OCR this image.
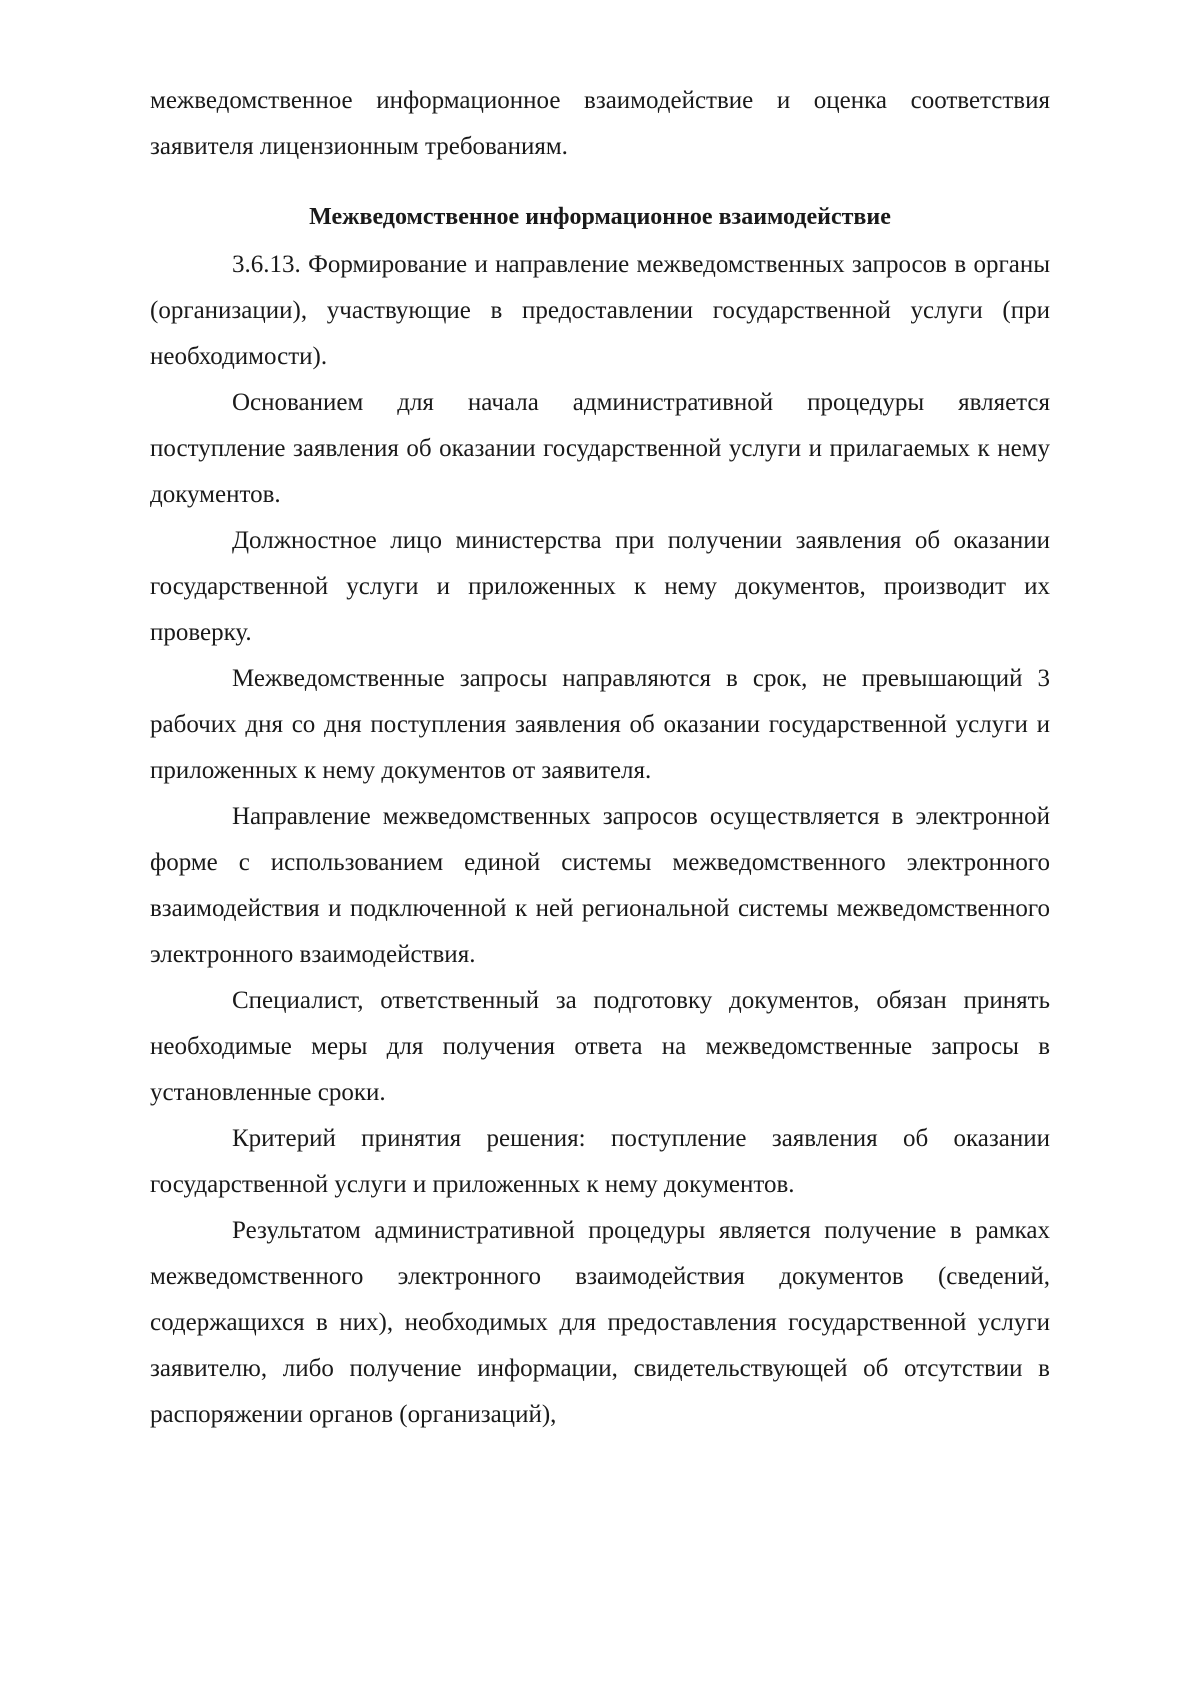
межведомственное информационное взаимодействие и оценка соответствия заявителя лицензионным требованиям.

Межведомственное информационное взаимодействие

3.6.13. Формирование и направление межведомственных запросов в органы (организации), участвующие в предоставлении государственной услуги (при необходимости).

Основанием для начала административной процедуры является поступление заявления об оказании государственной услуги и прилагаемых к нему документов.

Должностное лицо министерства при получении заявления об оказании государственной услуги и приложенных к нему документов, производит их проверку.

Межведомственные запросы направляются в срок, не превышающий 3 рабочих дня со дня поступления заявления об оказании государственной услуги и приложенных к нему документов от заявителя.

Направление межведомственных запросов осуществляется в электронной форме с использованием единой системы межведомственного электронного взаимодействия и подключенной к ней региональной системы межведомственного электронного взаимодействия.

Специалист, ответственный за подготовку документов, обязан принять необходимые меры для получения ответа на межведомственные запросы в установленные сроки.

Критерий принятия решения: поступление заявления об оказании государственной услуги и приложенных к нему документов.

Результатом административной процедуры является получение в рамках межведомственного электронного взаимодействия документов (сведений, содержащихся в них), необходимых для предоставления государственной услуги заявителю, либо получение информации, свидетельствующей об отсутствии в распоряжении органов (организаций),
